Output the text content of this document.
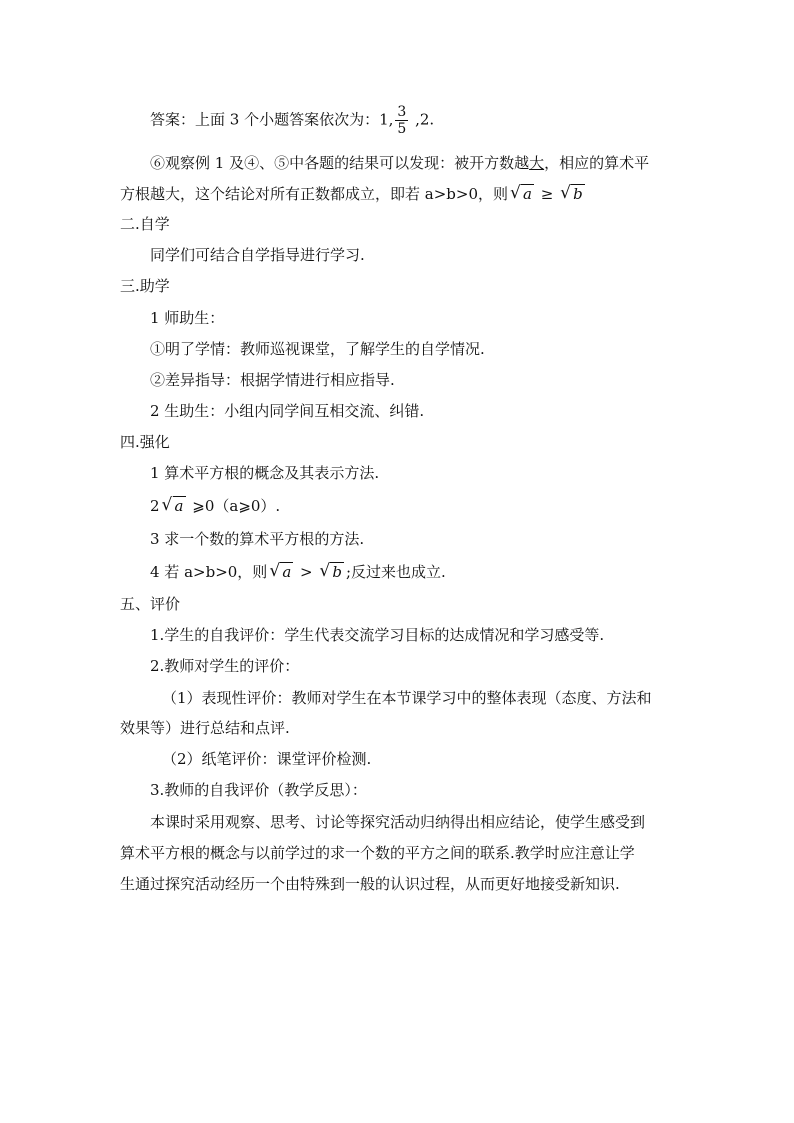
答案：上面 3 个小题答案依次为：1, $\frac{3}{5} ,2$.
⑥观察例 1 及④、⑤中各题的结果可以发现：被开方数越大，相应的算术平
方根越大，这个结论对所有正数都成立，即若 a>b>0，则 √ a ≥ √ b
二.自学
同学们可结合自学指导进行学习.
三.助学
1 师助生：
①明了学情：教师巡视课堂，了解学生的自学情况.
②差异指导：根据学情进行相应指导.
2 生助生：小组内同学间互相交流、纠错.
四.强化
1 算术平方根的概念及其表示方法.
2 √ a ⩾0（a⩾0）.
3 求一个数的算术平方根的方法.
4 若 a>b>0，则 √ a > √ b ;反过来也成立.
五、评价
1.学生的自我评价：学生代表交流学习目标的达成情况和学习感受等.
2.教师对学生的评价：
（1）表现性评价：教师对学生在本节课学习中的整体表现（态度、方法和
效果等）进行总结和点评.
（2）纸笔评价：课堂评价检测.
3.教师的自我评价（教学反思）：
本课时采用观察、思考、讨论等探究活动归纳得出相应结论，使学生感受到
算术平方根的概念与以前学过的求一个数的平方之间的联系.教学时应注意让学
生通过探究活动经历一个由特殊到一般的认识过程，从而更好地接受新知识.
